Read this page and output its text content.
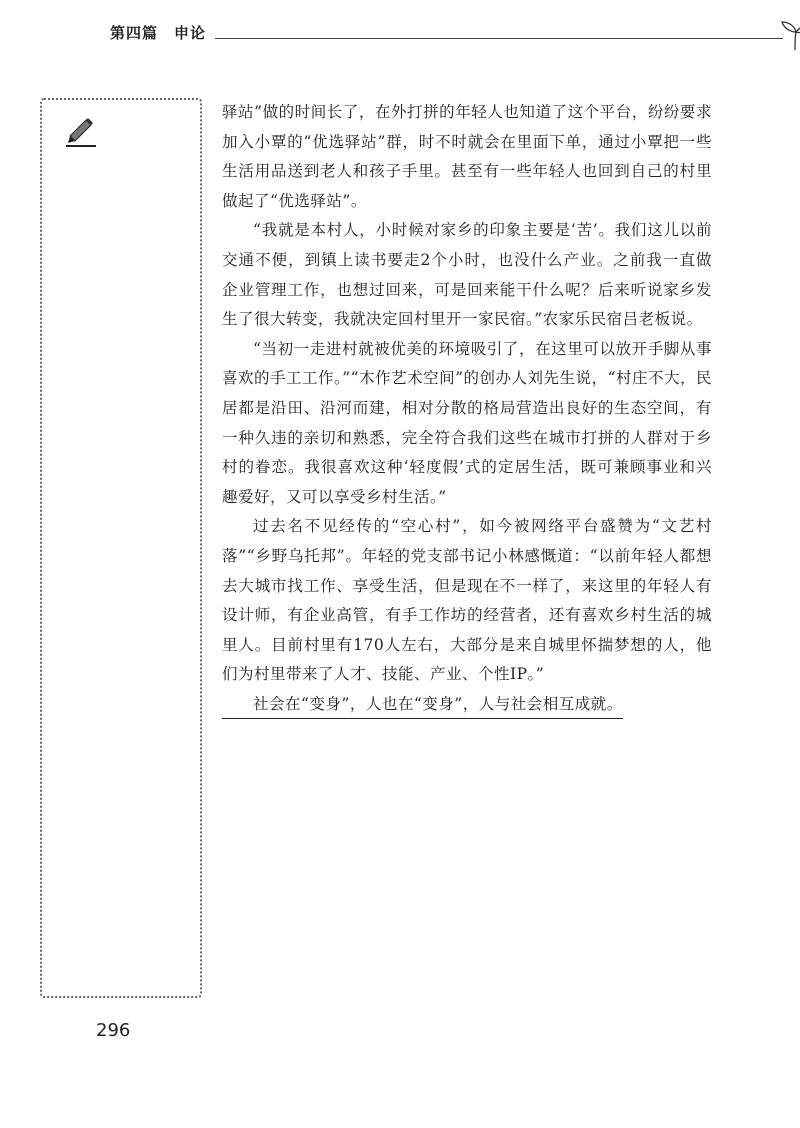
第四篇 申论

驿站”做的时间长了，在外打拼的年轻人也知道了这个平台，纷纷要求加入小覃的“优选驿站”群，时不时就会在里面下单，通过小覃把一些生活用品送到老人和孩子手里。甚至有一些年轻人也回到自己的村里做起了“优选驿站”。

“我就是本村人，小时候对家乡的印象主要是‘苦’。我们这儿以前交通不便，到镇上读书要走2个小时，也没什么产业。之前我一直做企业管理工作，也想过回来，可是回来能干什么呢？后来听说家乡发生了很大转变，我就决定回村里开一家民宿。”农家乐民宿吕老板说。

“当初一走进村就被优美的环境吸引了，在这里可以放开手脚从事喜欢的手工工作。”“木作艺术空间”的创办人刘先生说，“村庄不大，民居都是沿田、沿河而建，相对分散的格局营造出良好的生态空间，有一种久违的亲切和熟悉，完全符合我们这些在城市打拼的人群对于乡村的眷恋。我很喜欢这种‘轻度假’式的定居生活，既可兼顾事业和兴趣爱好，又可以享受乡村生活。”

过去名不见经传的“空心村”，如今被网络平台盛赞为“文艺村落”“乡野乌托邦”。年轻的党支部书记小林感慨道：“以前年轻人都想去大城市找工作、享受生活，但是现在不一样了，来这里的年轻人有设计师，有企业高管，有手工作坊的经营者，还有喜欢乡村生活的城里人。目前村里有170人左右，大部分是来自城里怀揣梦想的人，他们为村里带来了人才、技能、产业、个性IP。”

社会在“变身”，人也在“变身”，人与社会相互成就。

296
